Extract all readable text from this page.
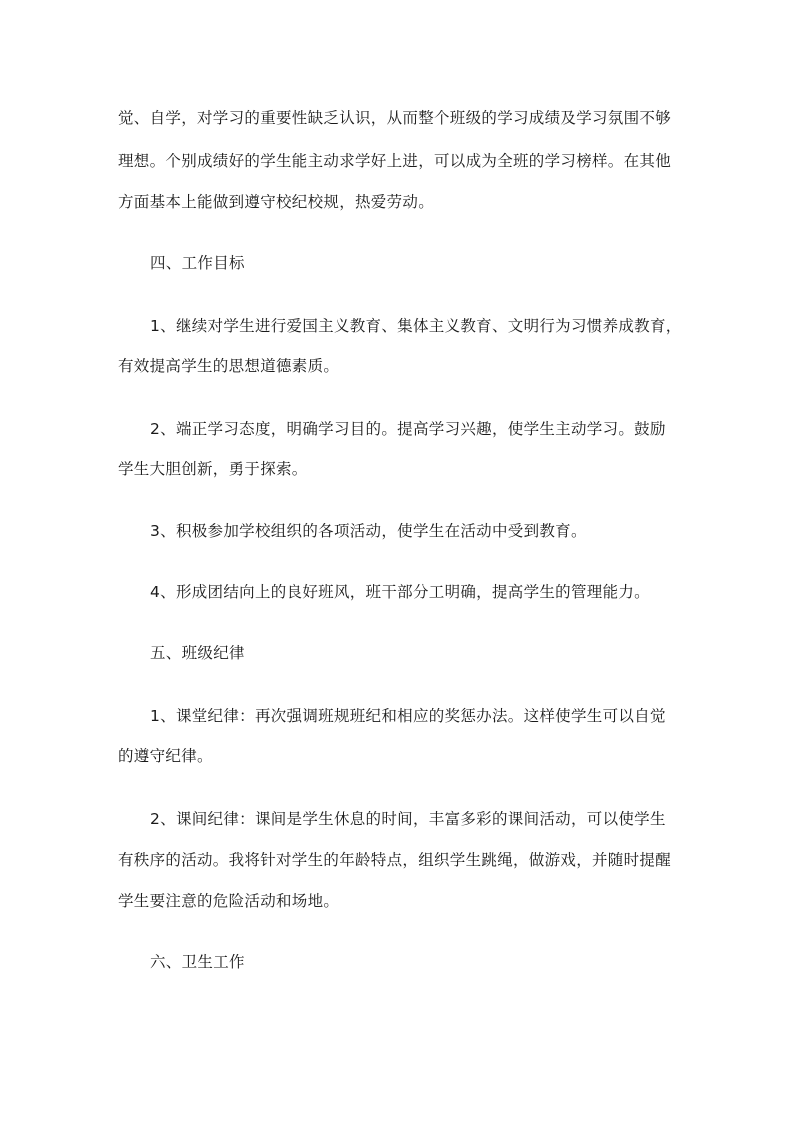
觉、自学，对学习的重要性缺乏认识，从而整个班级的学习成绩及学习氛围不够
理想。个别成绩好的学生能主动求学好上进，可以成为全班的学习榜样。在其他
方面基本上能做到遵守校纪校规，热爱劳动。
四、工作目标
1、继续对学生进行爱国主义教育、集体主义教育、文明行为习惯养成教育，
有效提高学生的思想道德素质。
2、端正学习态度，明确学习目的。提高学习兴趣，使学生主动学习。鼓励
学生大胆创新，勇于探索。
3、积极参加学校组织的各项活动，使学生在活动中受到教育。
4、形成团结向上的良好班风，班干部分工明确，提高学生的管理能力。
五、班级纪律
1、课堂纪律：再次强调班规班纪和相应的奖惩办法。这样使学生可以自觉
的遵守纪律。
2、课间纪律：课间是学生休息的时间，丰富多彩的课间活动，可以使学生
有秩序的活动。我将针对学生的年龄特点，组织学生跳绳，做游戏，并随时提醒
学生要注意的危险活动和场地。
六、卫生工作
